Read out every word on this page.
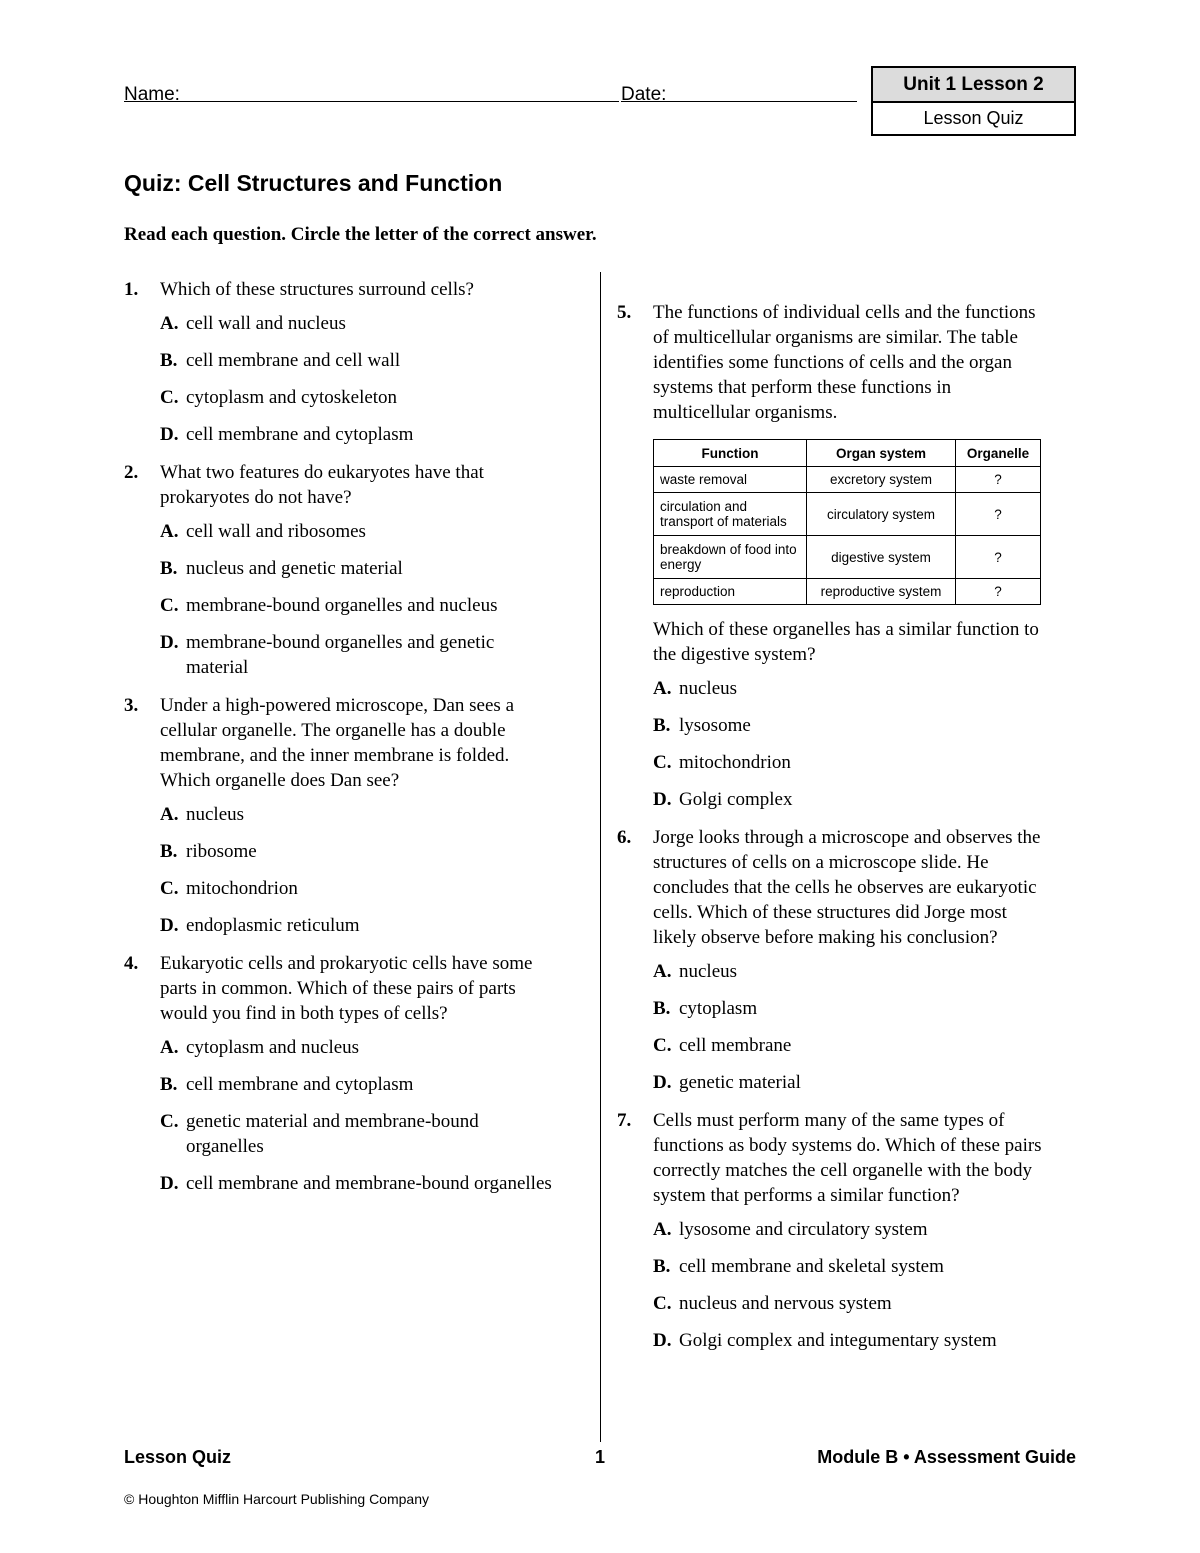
Name:	Date:	Unit 1 Lesson 2
Lesson Quiz
Quiz: Cell Structures and Function
Read each question. Circle the letter of the correct answer.
1. Which of these structures surround cells?
A. cell wall and nucleus
B. cell membrane and cell wall
C. cytoplasm and cytoskeleton
D. cell membrane and cytoplasm
2. What two features do eukaryotes have that prokaryotes do not have?
A. cell wall and ribosomes
B. nucleus and genetic material
C. membrane-bound organelles and nucleus
D. membrane-bound organelles and genetic material
3. Under a high-powered microscope, Dan sees a cellular organelle. The organelle has a double membrane, and the inner membrane is folded. Which organelle does Dan see?
A. nucleus
B. ribosome
C. mitochondrion
D. endoplasmic reticulum
4. Eukaryotic cells and prokaryotic cells have some parts in common. Which of these pairs of parts would you find in both types of cells?
A. cytoplasm and nucleus
B. cell membrane and cytoplasm
C. genetic material and membrane-bound organelles
D. cell membrane and membrane-bound organelles
5. The functions of individual cells and the functions of multicellular organisms are similar. The table identifies some functions of cells and the organ systems that perform these functions in multicellular organisms.
Function	Organ system	Organelle
waste removal	excretory system	?
circulation and transport of materials	circulatory system	?
breakdown of food into energy	digestive system	?
reproduction	reproductive system	?
Which of these organelles has a similar function to the digestive system?
A. nucleus
B. lysosome
C. mitochondrion
D. Golgi complex
6. Jorge looks through a microscope and observes the structures of cells on a microscope slide. He concludes that the cells he observes are eukaryotic cells. Which of these structures did Jorge most likely observe before making his conclusion?
A. nucleus
B. cytoplasm
C. cell membrane
D. genetic material
7. Cells must perform many of the same types of functions as body systems do. Which of these pairs correctly matches the cell organelle with the body system that performs a similar function?
A. lysosome and circulatory system
B. cell membrane and skeletal system
C. nucleus and nervous system
D. Golgi complex and integumentary system
Lesson Quiz	1	Module B • Assessment Guide
© Houghton Mifflin Harcourt Publishing Company
